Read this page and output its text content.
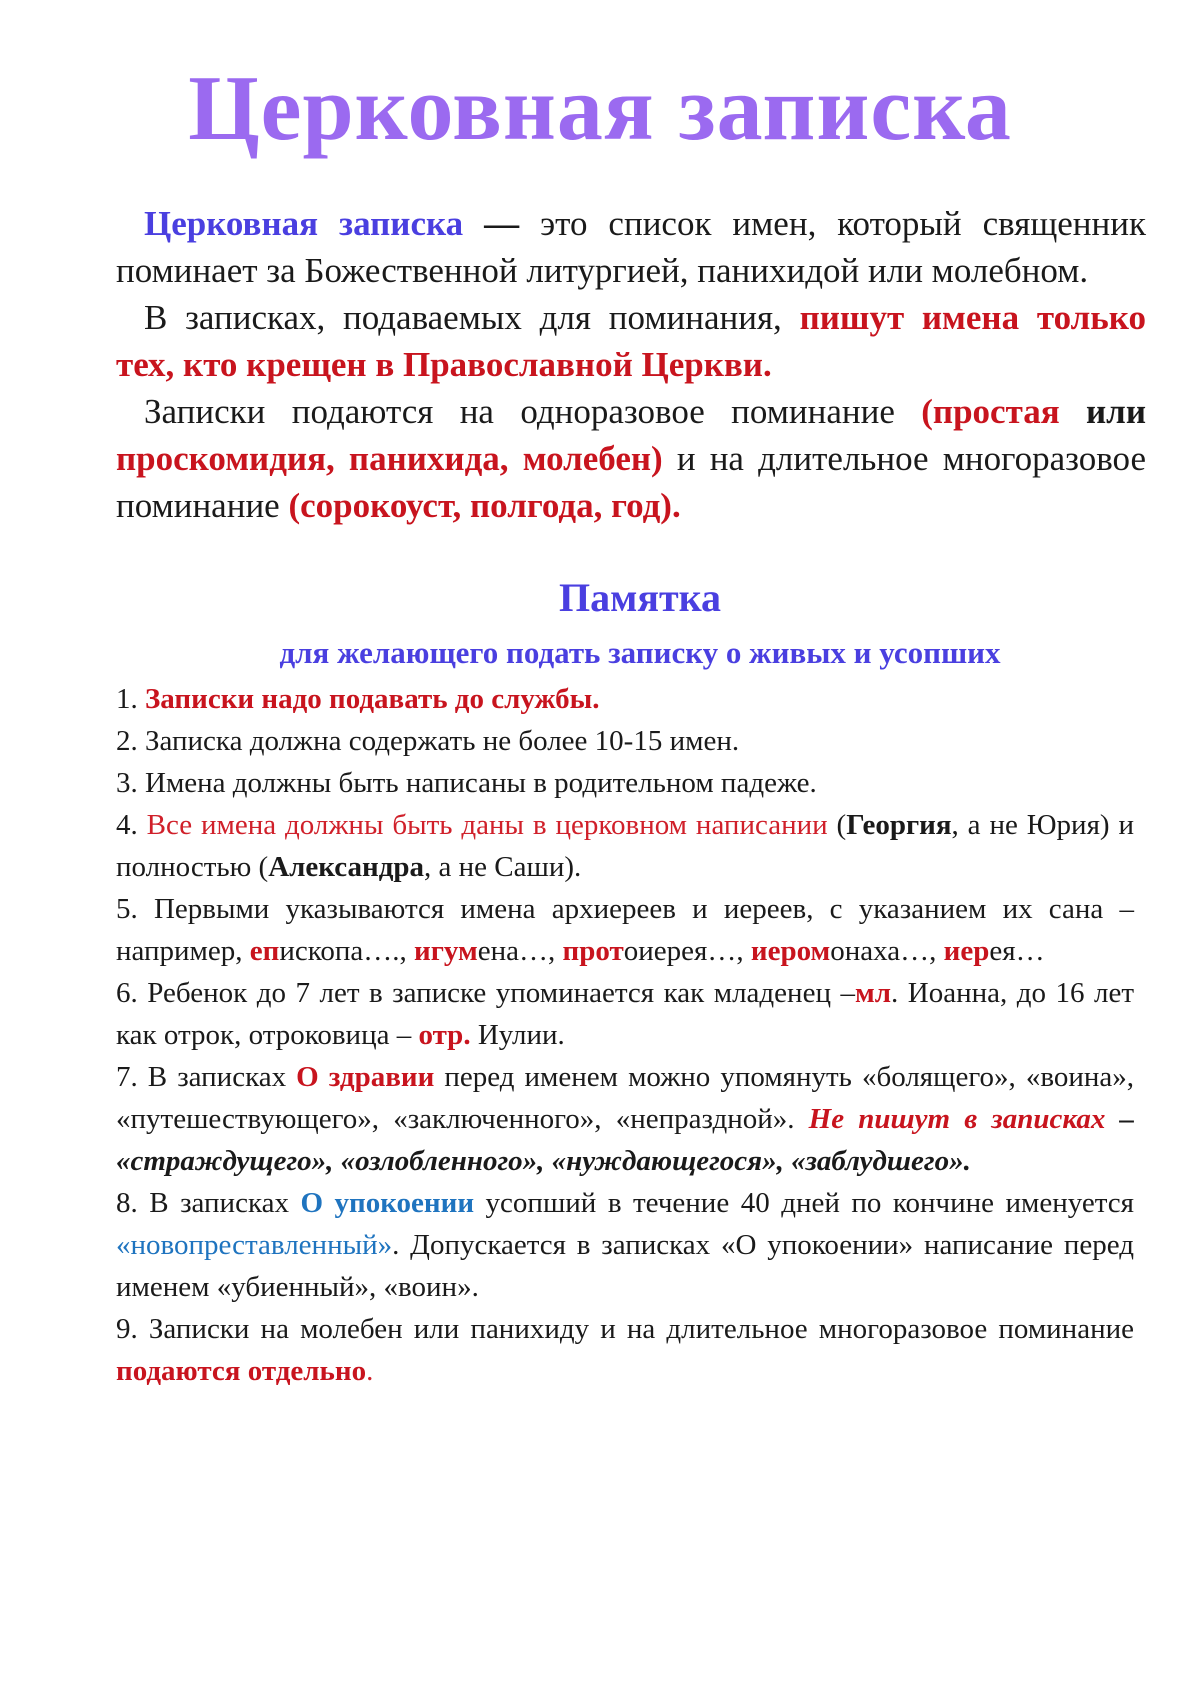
Церковная записка

Церковная записка — это список имен, который священник поминает за Божественной литургией, панихидой или молебном.

В записках, подаваемых для поминания, пишут имена только тех, кто крещен в Православной Церкви.

Записки подаются на одноразовое поминание (простая или проскомидия, панихида, молебен) и на длительное многоразовое поминание (сорокоуст, полгода, год).

Памятка
для желающего подать записку о живых и усопших

1. Записки надо подавать до службы.

2. Записка должна содержать не более 10-15 имен.

3. Имена должны быть написаны в родительном падеже.

4. Все имена должны быть даны в церковном написании (Георгия, а не Юрия) и полностью (Александра, а не Саши).

5. Первыми указываются имена архиереев и иереев, с указанием их сана – например, епископа…., игумена…, протоиерея…, иеромонаха…, иерея…

6. Ребенок до 7 лет в записке упоминается как младенец –мл. Иоанна, до 16 лет как отрок, отроковица – отр. Иулии.

7. В записках О здравии перед именем можно упомянуть «болящего», «воина», «путешествующего», «заключенного», «непраздной». Не пишут в записках – «страждущего», «озлобленного», «нуждающегося», «заблудшего».

8. В записках О упокоении усопший в течение 40 дней по кончине именуется «новопреставленный». Допускается в записках «О упокоении» написание перед именем «убиенный», «воин».

9. Записки на молебен или панихиду и на длительное многоразовое поминание подаются отдельно.
